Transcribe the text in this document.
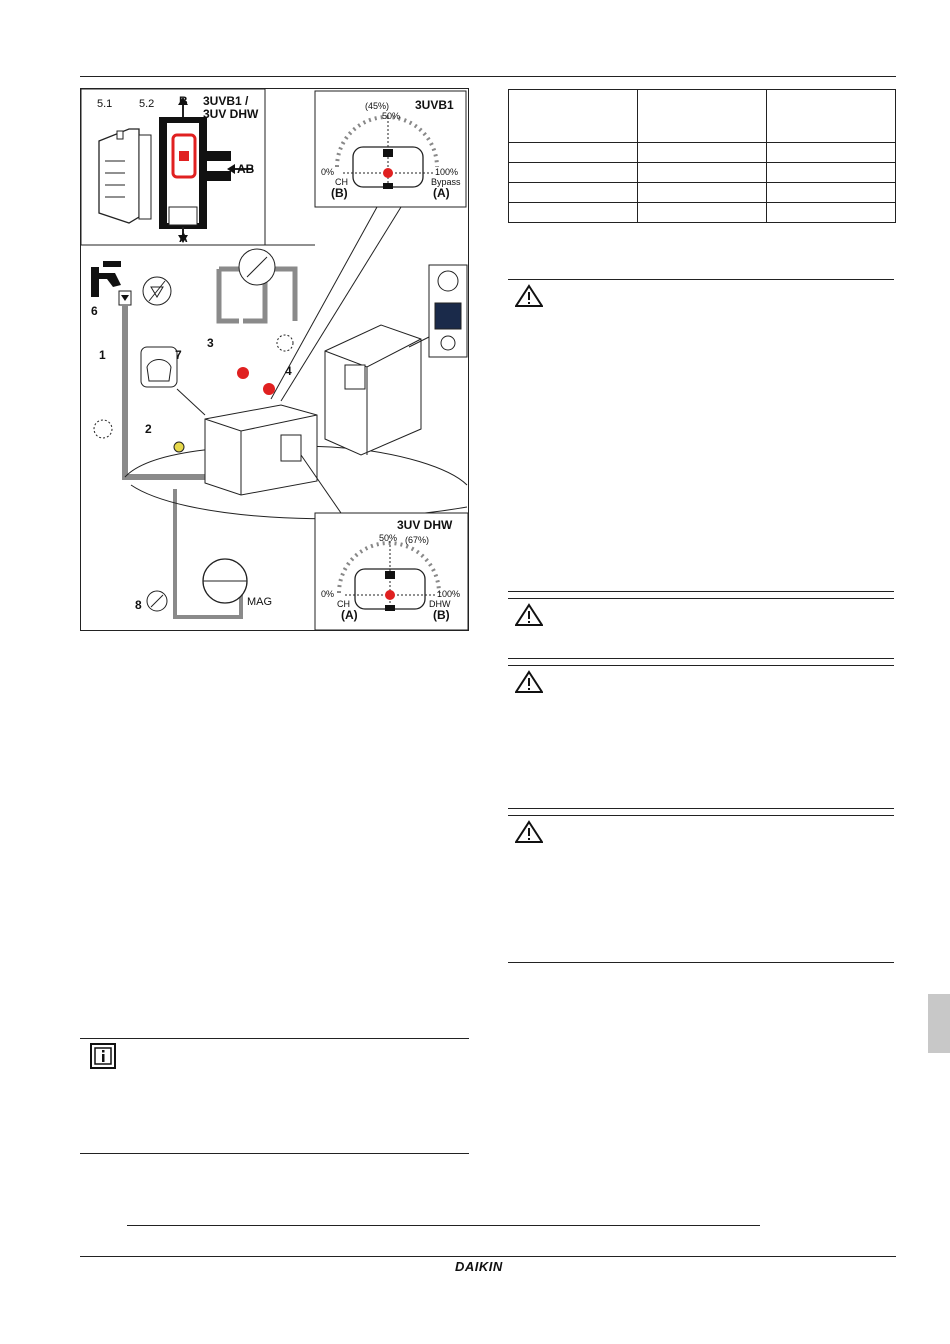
5.1 5.2	3UVB1 /
3UV DHW
B
A
AB
3UVB1
(45%)
50%
0%	100%
CH
(B)
Bypass
(A)
MAG
6
1	7
3
4
2
8
3UV DHW
50% (67%)
0%	100%
CH
(A)
DHW
(B)

DAIKIN
